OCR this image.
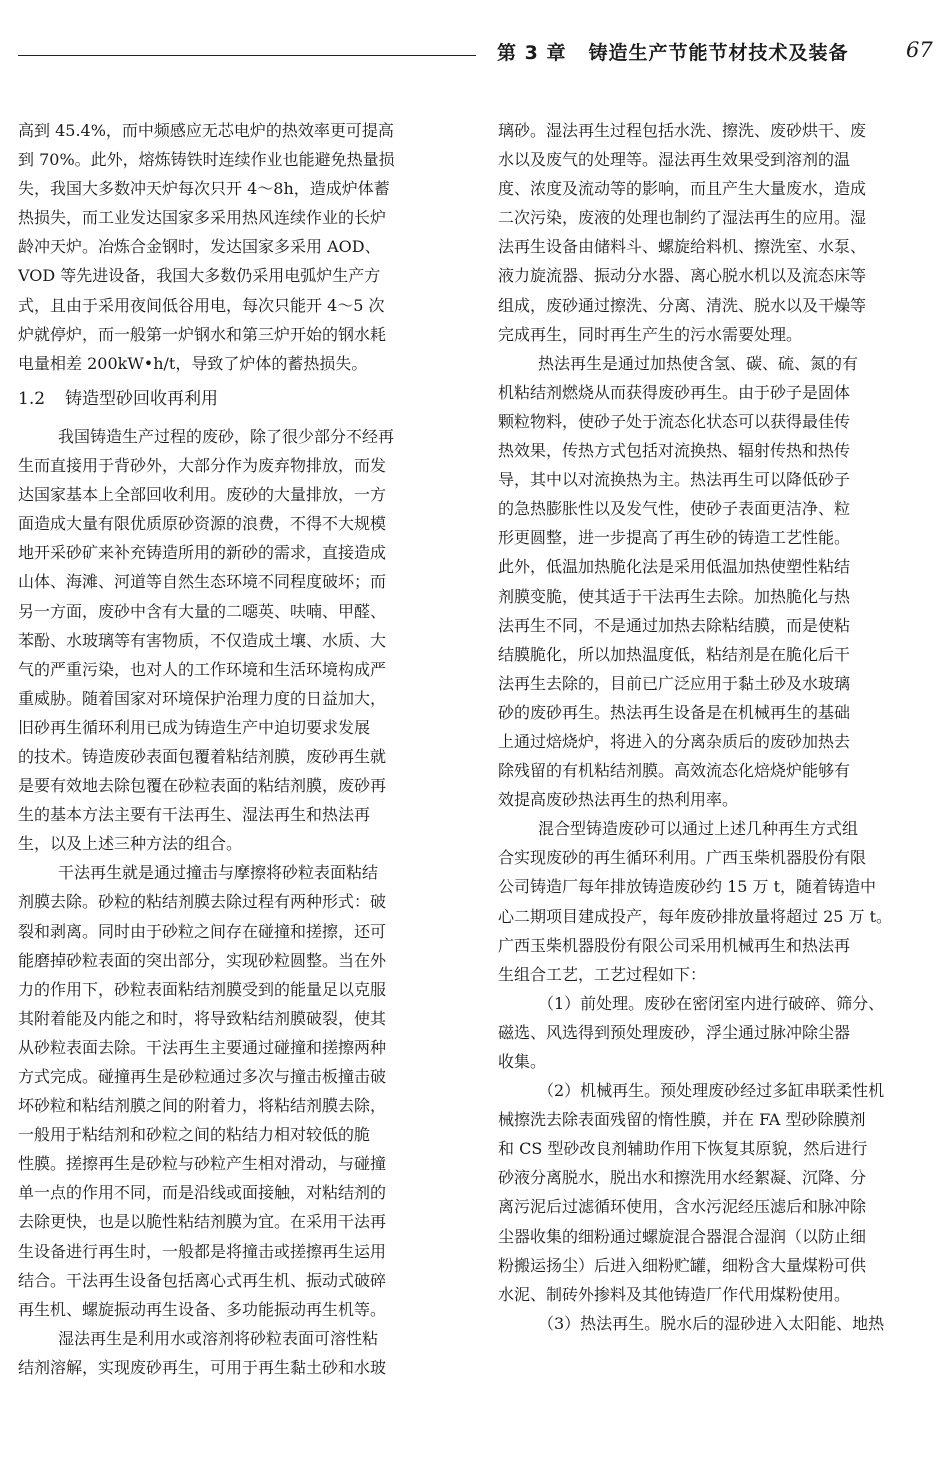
第 3 章 铸造生产节能节材技术及装备	67
高到 45.4%，而中频感应无芯电炉的热效率更可提高
到 70%。此外，熔炼铸铁时连续作业也能避免热量损
失，我国大多数冲天炉每次只开 4～8h，造成炉体蓄
热损失，而工业发达国家多采用热风连续作业的长炉
龄冲天炉。冶炼合金钢时，发达国家多采用 AOD、
VOD 等先进设备，我国大多数仍采用电弧炉生产方
式，且由于采用夜间低谷用电，每次只能开 4～5 次
炉就停炉，而一般第一炉钢水和第三炉开始的钢水耗
电量相差 200kW•h/t，导致了炉体的蓄热损失。
1.2 铸造型砂回收再利用
我国铸造生产过程的废砂，除了很少部分不经再
生而直接用于背砂外，大部分作为废弃物排放，而发
达国家基本上全部回收利用。废砂的大量排放，一方
面造成大量有限优质原砂资源的浪费，不得不大规模
地开采砂矿来补充铸造所用的新砂的需求，直接造成
山体、海滩、河道等自然生态环境不同程度破坏；而
另一方面，废砂中含有大量的二噁英、呋喃、甲醛、
苯酚、水玻璃等有害物质，不仅造成土壤、水质、大
气的严重污染，也对人的工作环境和生活环境构成严
重威胁。随着国家对环境保护治理力度的日益加大，
旧砂再生循环利用已成为铸造生产中迫切要求发展
的技术。铸造废砂表面包覆着粘结剂膜，废砂再生就
是要有效地去除包覆在砂粒表面的粘结剂膜，废砂再
生的基本方法主要有干法再生、湿法再生和热法再
生，以及上述三种方法的组合。
干法再生就是通过撞击与摩擦将砂粒表面粘结
剂膜去除。砂粒的粘结剂膜去除过程有两种形式：破
裂和剥离。同时由于砂粒之间存在碰撞和搓擦，还可
能磨掉砂粒表面的突出部分，实现砂粒圆整。当在外
力的作用下，砂粒表面粘结剂膜受到的能量足以克服
其附着能及内能之和时，将导致粘结剂膜破裂，使其
从砂粒表面去除。干法再生主要通过碰撞和搓擦两种
方式完成。碰撞再生是砂粒通过多次与撞击板撞击破
坏砂粒和粘结剂膜之间的附着力，将粘结剂膜去除，
一般用于粘结剂和砂粒之间的粘结力相对较低的脆
性膜。搓擦再生是砂粒与砂粒产生相对滑动，与碰撞
单一点的作用不同，而是沿线或面接触，对粘结剂的
去除更快，也是以脆性粘结剂膜为宜。在采用干法再
生设备进行再生时，一般都是将撞击或搓擦再生运用
结合。干法再生设备包括离心式再生机、振动式破碎
再生机、螺旋振动再生设备、多功能振动再生机等。
湿法再生是利用水或溶剂将砂粒表面可溶性粘
结剂溶解，实现废砂再生，可用于再生黏土砂和水玻
璃砂。湿法再生过程包括水洗、擦洗、废砂烘干、废
水以及废气的处理等。湿法再生效果受到溶剂的温
度、浓度及流动等的影响，而且产生大量废水，造成
二次污染，废液的处理也制约了湿法再生的应用。湿
法再生设备由储料斗、螺旋给料机、擦洗室、水泵、
液力旋流器、振动分水器、离心脱水机以及流态床等
组成，废砂通过擦洗、分离、清洗、脱水以及干燥等
完成再生，同时再生产生的污水需要处理。
热法再生是通过加热使含氢、碳、硫、氮的有
机粘结剂燃烧从而获得废砂再生。由于砂子是固体
颗粒物料，使砂子处于流态化状态可以获得最佳传
热效果，传热方式包括对流换热、辐射传热和热传
导，其中以对流换热为主。热法再生可以降低砂子
的急热膨胀性以及发气性，使砂子表面更洁净、粒
形更圆整，进一步提高了再生砂的铸造工艺性能。
此外，低温加热脆化法是采用低温加热使塑性粘结
剂膜变脆，使其适于干法再生去除。加热脆化与热
法再生不同，不是通过加热去除粘结膜，而是使粘
结膜脆化，所以加热温度低，粘结剂是在脆化后干
法再生去除的，目前已广泛应用于黏土砂及水玻璃
砂的废砂再生。热法再生设备是在机械再生的基础
上通过焙烧炉，将进入的分离杂质后的废砂加热去
除残留的有机粘结剂膜。高效流态化焙烧炉能够有
效提高废砂热法再生的热利用率。
混合型铸造废砂可以通过上述几种再生方式组
合实现废砂的再生循环利用。广西玉柴机器股份有限
公司铸造厂每年排放铸造废砂约 15 万 t，随着铸造中
心二期项目建成投产，每年废砂排放量将超过 25 万 t。
广西玉柴机器股份有限公司采用机械再生和热法再
生组合工艺，工艺过程如下：
（1）前处理。废砂在密闭室内进行破碎、筛分、
磁选、风选得到预处理废砂，浮尘通过脉冲除尘器
收集。
（2）机械再生。预处理废砂经过多缸串联柔性机
械擦洗去除表面残留的惰性膜，并在 FA 型砂除膜剂
和 CS 型砂改良剂辅助作用下恢复其原貌，然后进行
砂液分离脱水，脱出水和擦洗用水经絮凝、沉降、分
离污泥后过滤循环使用，含水污泥经压滤后和脉冲除
尘器收集的细粉通过螺旋混合器混合湿润（以防止细
粉搬运扬尘）后进入细粉贮罐，细粉含大量煤粉可供
水泥、制砖外掺料及其他铸造厂作代用煤粉使用。
（3）热法再生。脱水后的湿砂进入太阳能、地热
